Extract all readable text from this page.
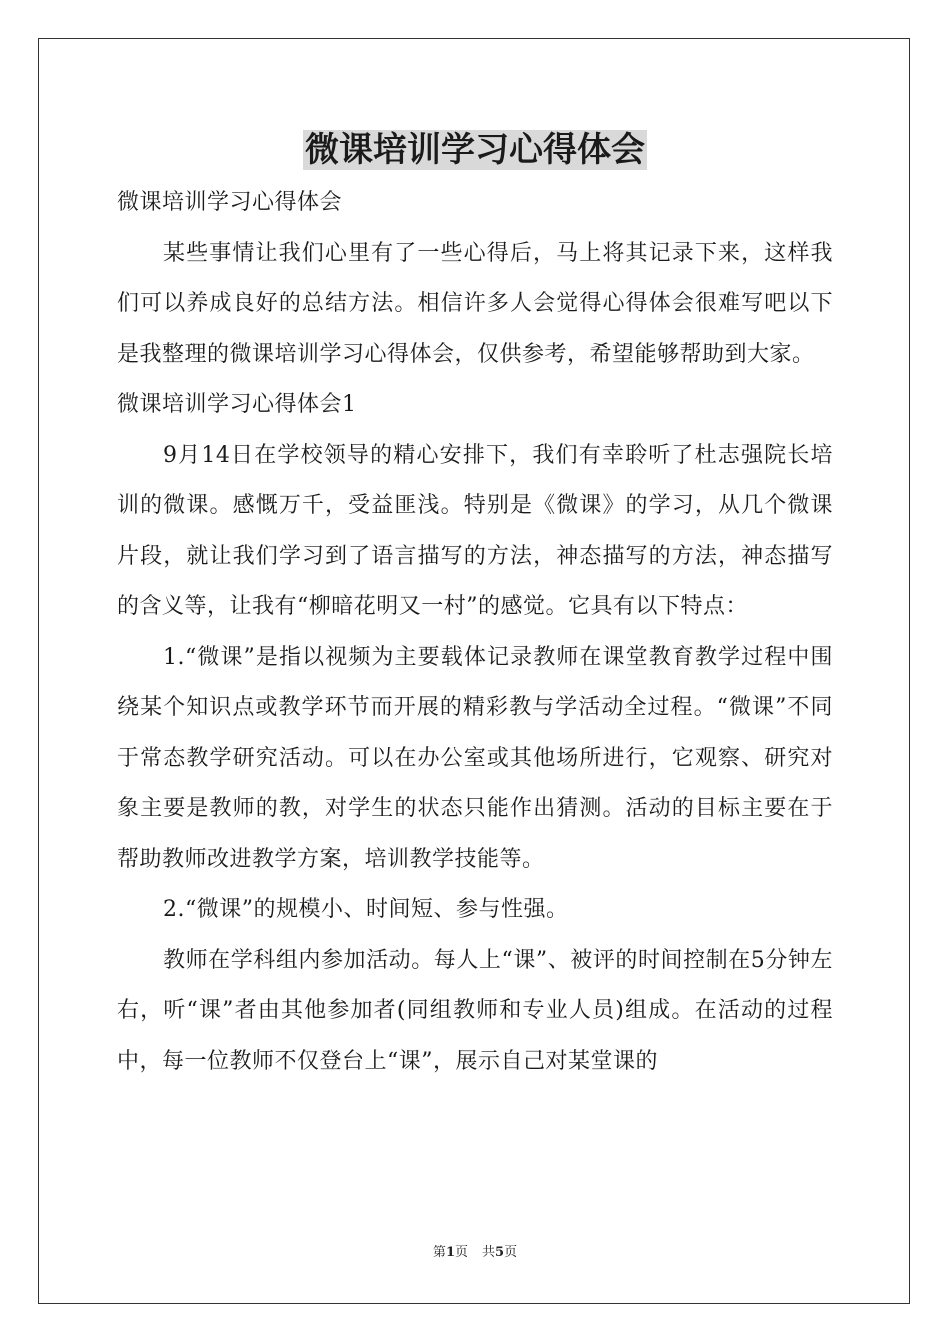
微课培训学习心得体会

微课培训学习心得体会

某些事情让我们心里有了一些心得后，马上将其记录下来，这样我们可以养成良好的总结方法。相信许多人会觉得心得体会很难写吧以下是我整理的微课培训学习心得体会，仅供参考，希望能够帮助到大家。

微课培训学习心得体会1

9月14日在学校领导的精心安排下，我们有幸聆听了杜志强院长培训的微课。感慨万千，受益匪浅。特别是《微课》的学习，从几个微课片段，就让我们学习到了语言描写的方法，神态描写的方法，神态描写的含义等，让我有“柳暗花明又一村”的感觉。它具有以下特点：

1.“微课”是指以视频为主要载体记录教师在课堂教育教学过程中围绕某个知识点或教学环节而开展的精彩教与学活动全过程。“微课”不同于常态教学研究活动。可以在办公室或其他场所进行，它观察、研究对象主要是教师的教，对学生的状态只能作出猜测。活动的目标主要在于帮助教师改进教学方案，培训教学技能等。

2.“微课”的规模小、时间短、参与性强。

教师在学科组内参加活动。每人上“课”、被评的时间控制在5分钟左右，听“课”者由其他参加者(同组教师和专业人员)组成。在活动的过程中，每一位教师不仅登台上“课”，展示自己对某堂课的

第1页 共5页
